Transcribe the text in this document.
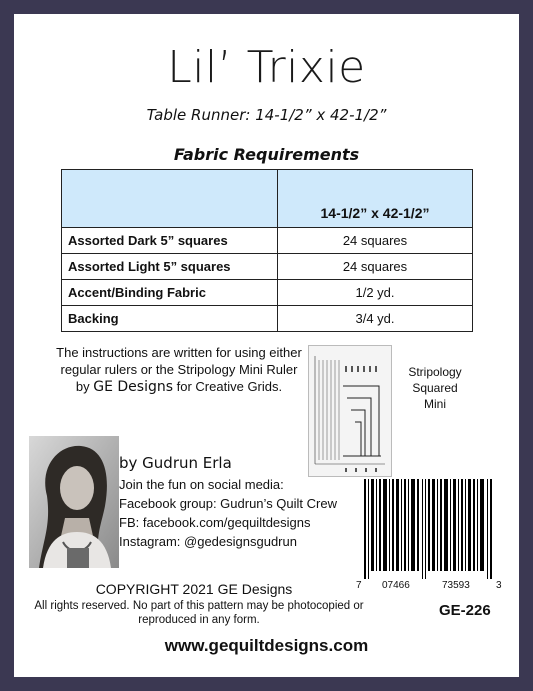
Lil’ Trixie
Table Runner: 14-1/2” x 42-1/2”
Fabric Requirements
	14-1/2” x 42-1/2”
Assorted Dark 5” squares	24 squares
Assorted Light 5” squares	24 squares
Accent/Binding Fabric	1/2 yd.
Backing	3/4 yd.
The instructions are written for using either
regular rulers or the Stripology Mini Ruler
by GE Designs for Creative Grids.
Stripology
Squared
Mini
by Gudrun Erla
Join the fun on social media:
Facebook group: Gudrun’s Quilt Crew
FB: facebook.com/gequiltdesigns
Instagram: @gedesignsgudrun
7 07466	73593	3
GE-226
COPYRIGHT 2021 GE Designs
All rights reserved. No part of this pattern may be photocopied or
reproduced in any form.
www.gequiltdesigns.com
